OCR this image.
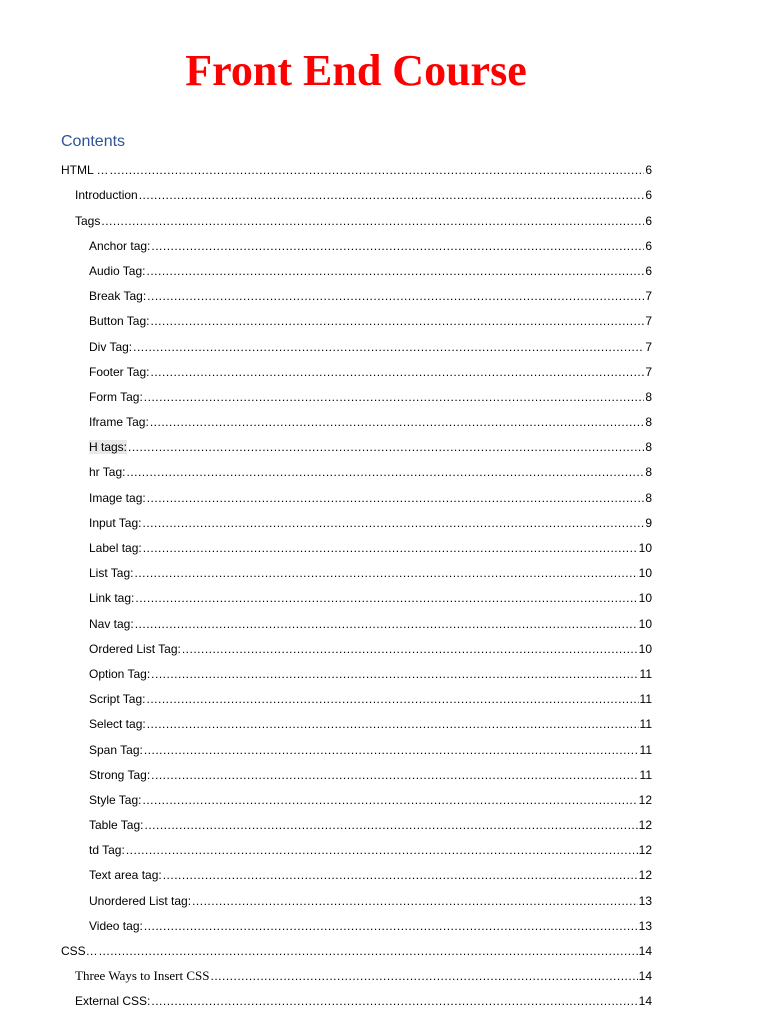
Front End Course
Contents
HTML … .....	6
Introduction .....	6
Tags .....	6
Anchor tag: .....	6
Audio Tag: .....	6
Break Tag: .....	7
Button Tag: .....	7
Div Tag: .....	7
Footer Tag: .....	7
Form Tag: .....	8
Iframe Tag: .....	8
H tags: .....	8
hr Tag: .....	8
Image tag: .....	8
Input Tag: .....	9
Label tag: .....	10
List Tag: .....	10
Link tag: .....	10
Nav tag: .....	10
Ordered List Tag: .....	10
Option Tag: .....	11
Script Tag: .....	11
Select tag: .....	11
Span Tag: .....	11
Strong Tag: .....	11
Style Tag: .....	12
Table Tag: .....	12
td Tag: .....	12
Text area tag: .....	12
Unordered List tag: .....	13
Video tag: .....	13
CSS… .....	14
Three Ways to Insert CSS .....	14
External CSS: .....	14
